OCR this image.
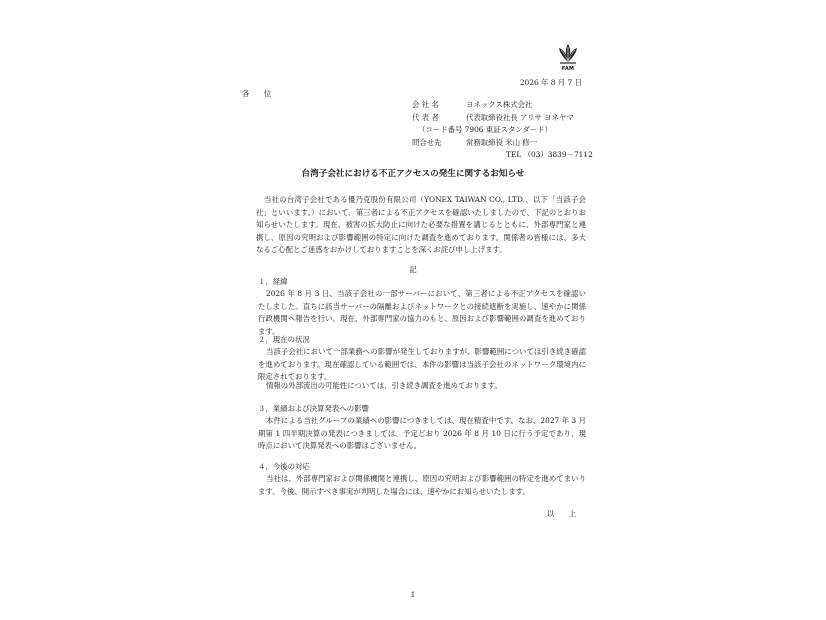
FAM
2026 年 8 月 7 日
各 位
会 社 名	ヨネックス株式会社
代 表 者	代表取締役社長 アリサ ヨネヤマ
（コード番号 7906 東証スタンダード）
問合せ先	常務取締役 米山 修一
TEL （03）3839－7112
台湾子会社における不正アクセスの発生に関するお知らせ
当社の台湾子会社である優乃克股份有限公司（YONEX TAIWAN CO., LTD.、以下「当該子会社」といいます。）において、第三者による不正アクセスを確認いたしましたので、下記のとおりお知らせいたします。現在、被害の拡大防止に向けた必要な措置を講じるとともに、外部専門家と連携し、原因の究明および影響範囲の特定に向けた調査を進めております。関係者の皆様には、多大なるご心配とご迷惑をおかけしておりますことを深くお詫び申し上げます。
記
１．経緯
2026 年 8 月 3 日、当該子会社の一部サーバーにおいて、第三者による不正アクセスを確認いたしました。直ちに該当サーバーの隔離およびネットワークとの接続遮断を実施し、速やかに関係行政機関へ報告を行い、現在、外部専門家の協力のもと、原因および影響範囲の調査を進めております。
２．現在の状況
当該子会社において一部業務への影響が発生しておりますが、影響範囲については引き続き確認を進めております。現在確認している範囲では、本件の影響は当該子会社のネットワーク環境内に限定されております。
情報の外部流出の可能性については、引き続き調査を進めております。
３．業績および決算発表への影響
本件による当社グループの業績への影響につきましては、現在精査中です。なお、2027 年 3 月期第 1 四半期決算の発表につきましては、予定どおり 2026 年 8 月 10 日に行う予定であり、現時点において決算発表への影響はございません。
４．今後の対応
当社は、外部専門家および関係機関と連携し、原因の究明および影響範囲の特定を進めてまいります。今後、開示すべき事実が判明した場合には、速やかにお知らせいたします。
以 上
1
